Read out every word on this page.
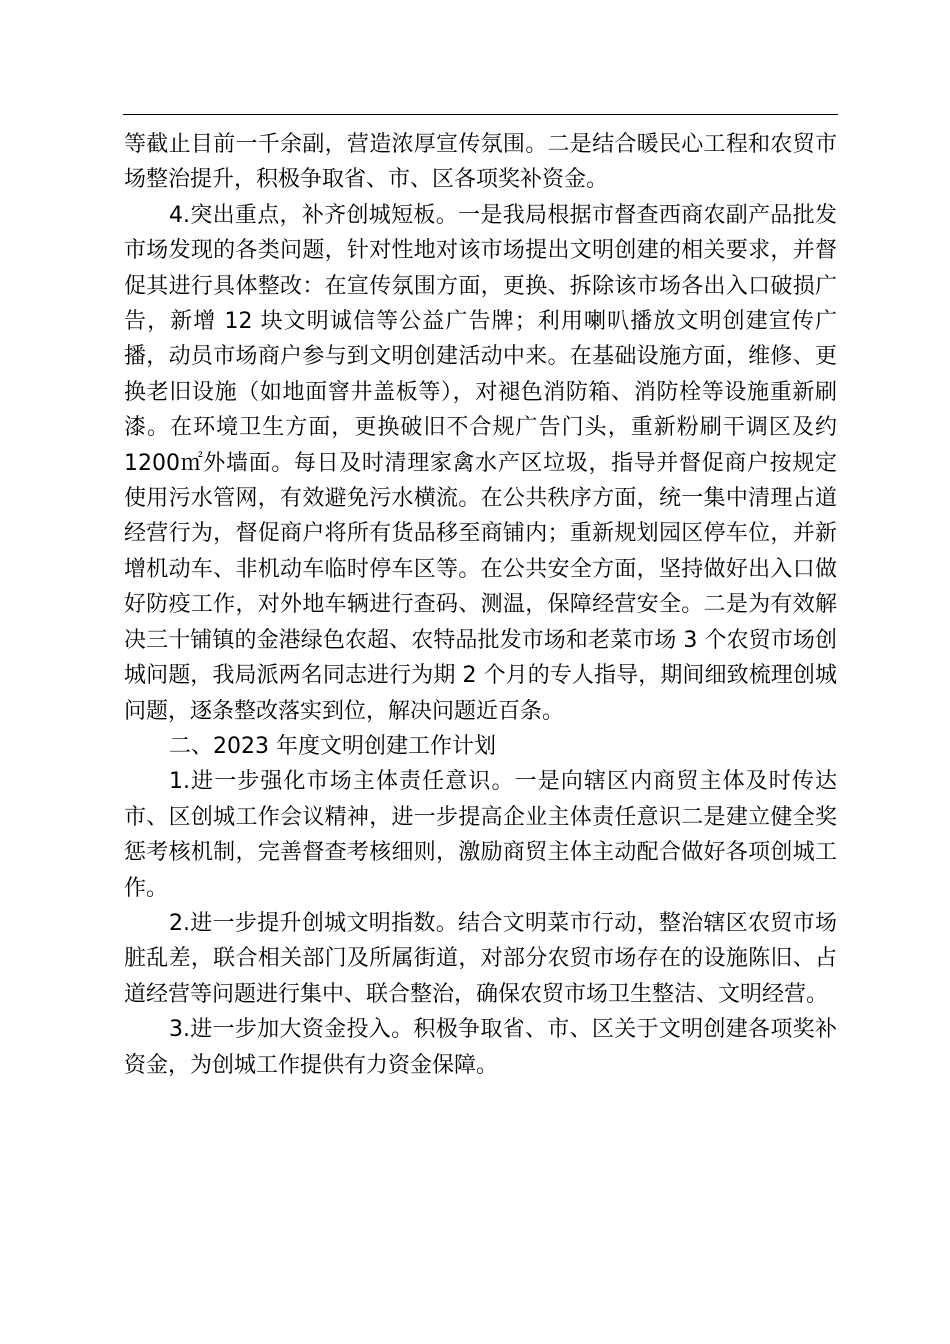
等截止目前一千余副，营造浓厚宣传氛围。二是结合暖民心工程和农贸市场整治提升，积极争取省、市、区各项奖补资金。

4.突出重点，补齐创城短板。一是我局根据市督查西商农副产品批发市场发现的各类问题，针对性地对该市场提出文明创建的相关要求，并督促其进行具体整改：在宣传氛围方面，更换、拆除该市场各出入口破损广告，新增 12 块文明诚信等公益广告牌；利用喇叭播放文明创建宣传广播，动员市场商户参与到文明创建活动中来。在基础设施方面，维修、更换老旧设施（如地面窨井盖板等），对褪色消防箱、消防栓等设施重新刷漆。在环境卫生方面，更换破旧不合规广告门头，重新粉刷干调区及约 1200㎡外墙面。每日及时清理家禽水产区垃圾，指导并督促商户按规定使用污水管网，有效避免污水横流。在公共秩序方面，统一集中清理占道经营行为，督促商户将所有货品移至商铺内；重新规划园区停车位，并新增机动车、非机动车临时停车区等。在公共安全方面，坚持做好出入口做好防疫工作，对外地车辆进行查码、测温，保障经营安全。二是为有效解决三十铺镇的金港绿色农超、农特品批发市场和老菜市场 3 个农贸市场创城问题，我局派两名同志进行为期 2 个月的专人指导，期间细致梳理创城问题，逐条整改落实到位，解决问题近百条。

二、2023 年度文明创建工作计划

1.进一步强化市场主体责任意识。一是向辖区内商贸主体及时传达市、区创城工作会议精神，进一步提高企业主体责任意识二是建立健全奖惩考核机制，完善督查考核细则，激励商贸主体主动配合做好各项创城工作。

2.进一步提升创城文明指数。结合文明菜市行动，整治辖区农贸市场脏乱差，联合相关部门及所属街道，对部分农贸市场存在的设施陈旧、占道经营等问题进行集中、联合整治，确保农贸市场卫生整洁、文明经营。

3.进一步加大资金投入。积极争取省、市、区关于文明创建各项奖补资金，为创城工作提供有力资金保障。
